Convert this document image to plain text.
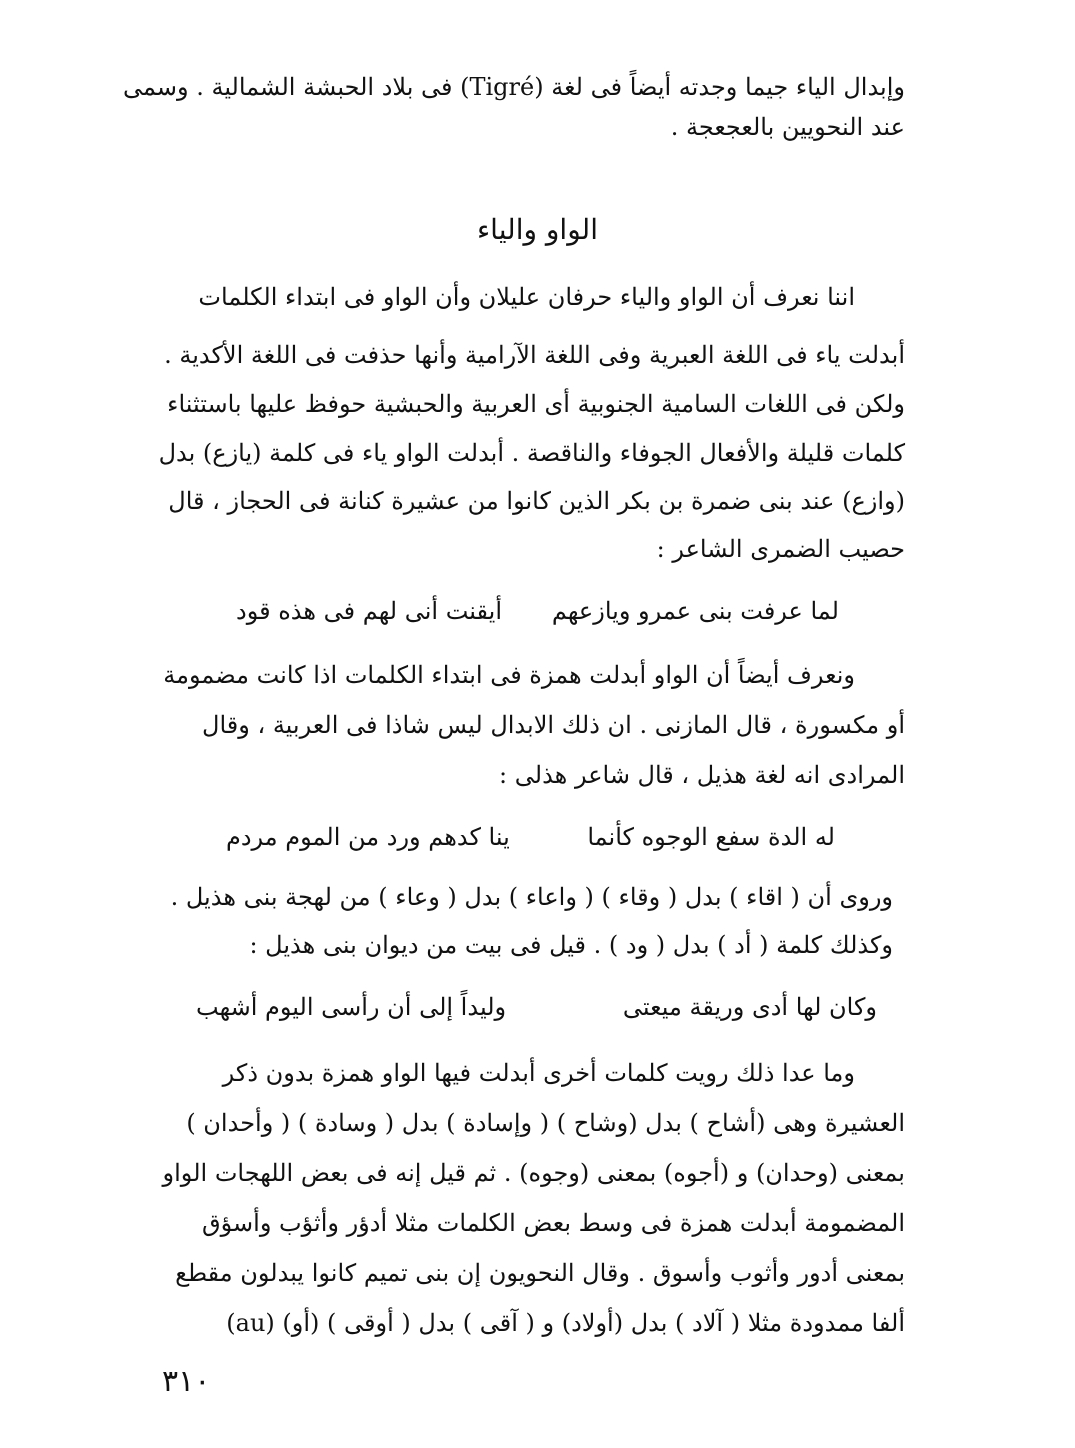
وإبدال الياء جيما وجدته أيضاً فى لغة (Tigré) فى بلاد الحبشة الشمالية . وسمى
عند النحويين بالعجعجة .
الواو والياء
اننا نعرف أن الواو والياء حرفان عليلان وأن الواو فى ابتداء الكلمات
أبدلت ياء فى اللغة العبرية وفى اللغة الآرامية وأنها حذفت فى اللغة الأكدية .
ولكن فى اللغات السامية الجنوبية أى العربية والحبشية حوفظ عليها باستثناء
كلمات قليلة والأفعال الجوفاء والناقصة . أبدلت الواو ياء فى كلمة (يازع) بدل
(وازع) عند بنى ضمرة بن بكر الذين كانوا من عشيرة كنانة فى الحجاز ، قال
حصيب الضمرى الشاعر :
لما عرفت بنى عمرو ويازعهم
أيقنت أنى لهم فى هذه قود
ونعرف أيضاً أن الواو أبدلت همزة فى ابتداء الكلمات اذا كانت مضمومة
أو مكسورة ، قال المازنى . ان ذلك الابدال ليس شاذا فى العربية ، وقال
المرادى انه لغة هذيل ، قال شاعر هذلى :
له الدة سفع الوجوه كأنما
ينا كدهم ورد من الموم مردم
وروى أن ( اقاء ) بدل ( وقاء ) ( واعاء ) بدل ( وعاء ) من لهجة بنى هذيل .
وكذلك كلمة ( أد ) بدل ( ود ) . قيل فى بيت من ديوان بنى هذيل :
وكان لها أدى وريقة ميعتى
وليداً إلى أن رأسى اليوم أشهب
وما عدا ذلك رويت كلمات أخرى أبدلت فيها الواو همزة بدون ذكر
العشيرة وهى (أشاح ) بدل (وشاح ) ( وإسادة ) بدل ( وسادة ) ( وأحدان )
بمعنى (وحدان) و (أجوه) بمعنى (وجوه) . ثم قيل إنه فى بعض اللهجات الواو
المضمومة أبدلت همزة فى وسط بعض الكلمات مثلا أدؤر وأثؤب وأسؤق
بمعنى أدور وأثوب وأسوق . وقال النحويون إن بنى تميم كانوا يبدلون مقطع
(au) (أو) ألفا ممدودة مثلا ( آلاد ) بدل (أولاد) و ( آقى ) بدل ( أوقى )
٣١٠
